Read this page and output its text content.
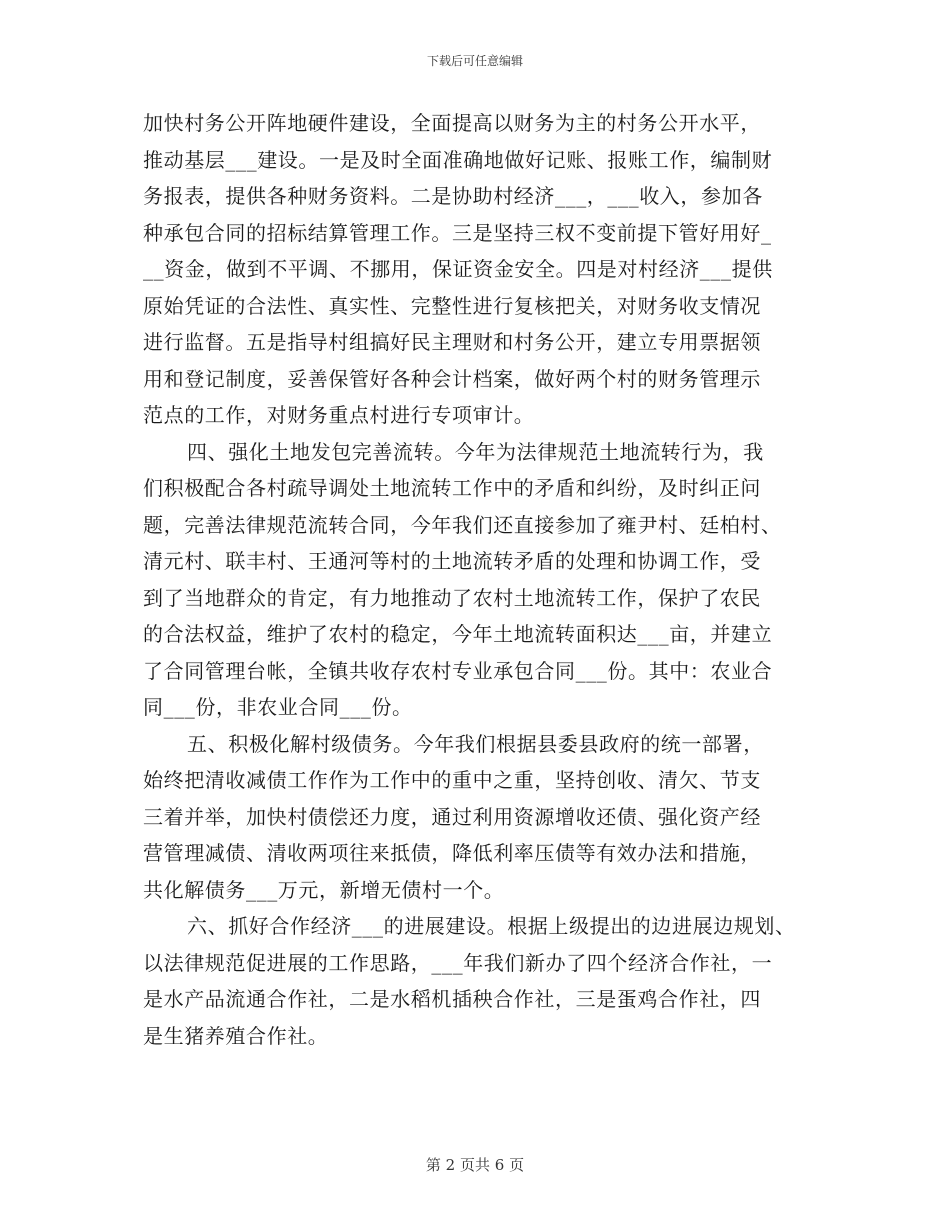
下载后可任意编辑
加快村务公开阵地硬件建设，全面提高以财务为主的村务公开水平，
推动基层___建设。一是及时全面准确地做好记账、报账工作，编制财
务报表，提供各种财务资料。二是协助村经济___，___收入，参加各
种承包合同的招标结算管理工作。三是坚持三权不变前提下管好用好_
__资金，做到不平调、不挪用，保证资金安全。四是对村经济___提供
原始凭证的合法性、真实性、完整性进行复核把关，对财务收支情况
进行监督。五是指导村组搞好民主理财和村务公开，建立专用票据领
用和登记制度，妥善保管好各种会计档案，做好两个村的财务管理示
范点的工作，对财务重点村进行专项审计。
四、强化土地发包完善流转。今年为法律规范土地流转行为，我
们积极配合各村疏导调处土地流转工作中的矛盾和纠纷，及时纠正问
题，完善法律规范流转合同，今年我们还直接参加了雍尹村、廷柏村、
清元村、联丰村、王通河等村的土地流转矛盾的处理和协调工作，受
到了当地群众的肯定，有力地推动了农村土地流转工作，保护了农民
的合法权益，维护了农村的稳定，今年土地流转面积达___亩，并建立
了合同管理台帐，全镇共收存农村专业承包合同___份。其中：农业合
同___份，非农业合同___份。
五、积极化解村级债务。今年我们根据县委县政府的统一部署，
始终把清收减债工作作为工作中的重中之重，坚持创收、清欠、节支
三着并举，加快村债偿还力度，通过利用资源增收还债、强化资产经
营管理减债、清收两项往来抵债，降低利率压债等有效办法和措施，
共化解债务___万元，新增无债村一个。
六、抓好合作经济___的进展建设。根据上级提出的边进展边规划、
以法律规范促进展的工作思路，___年我们新办了四个经济合作社，一
是水产品流通合作社，二是水稻机插秧合作社，三是蛋鸡合作社，四
是生猪养殖合作社。
第 2 页共 6 页
